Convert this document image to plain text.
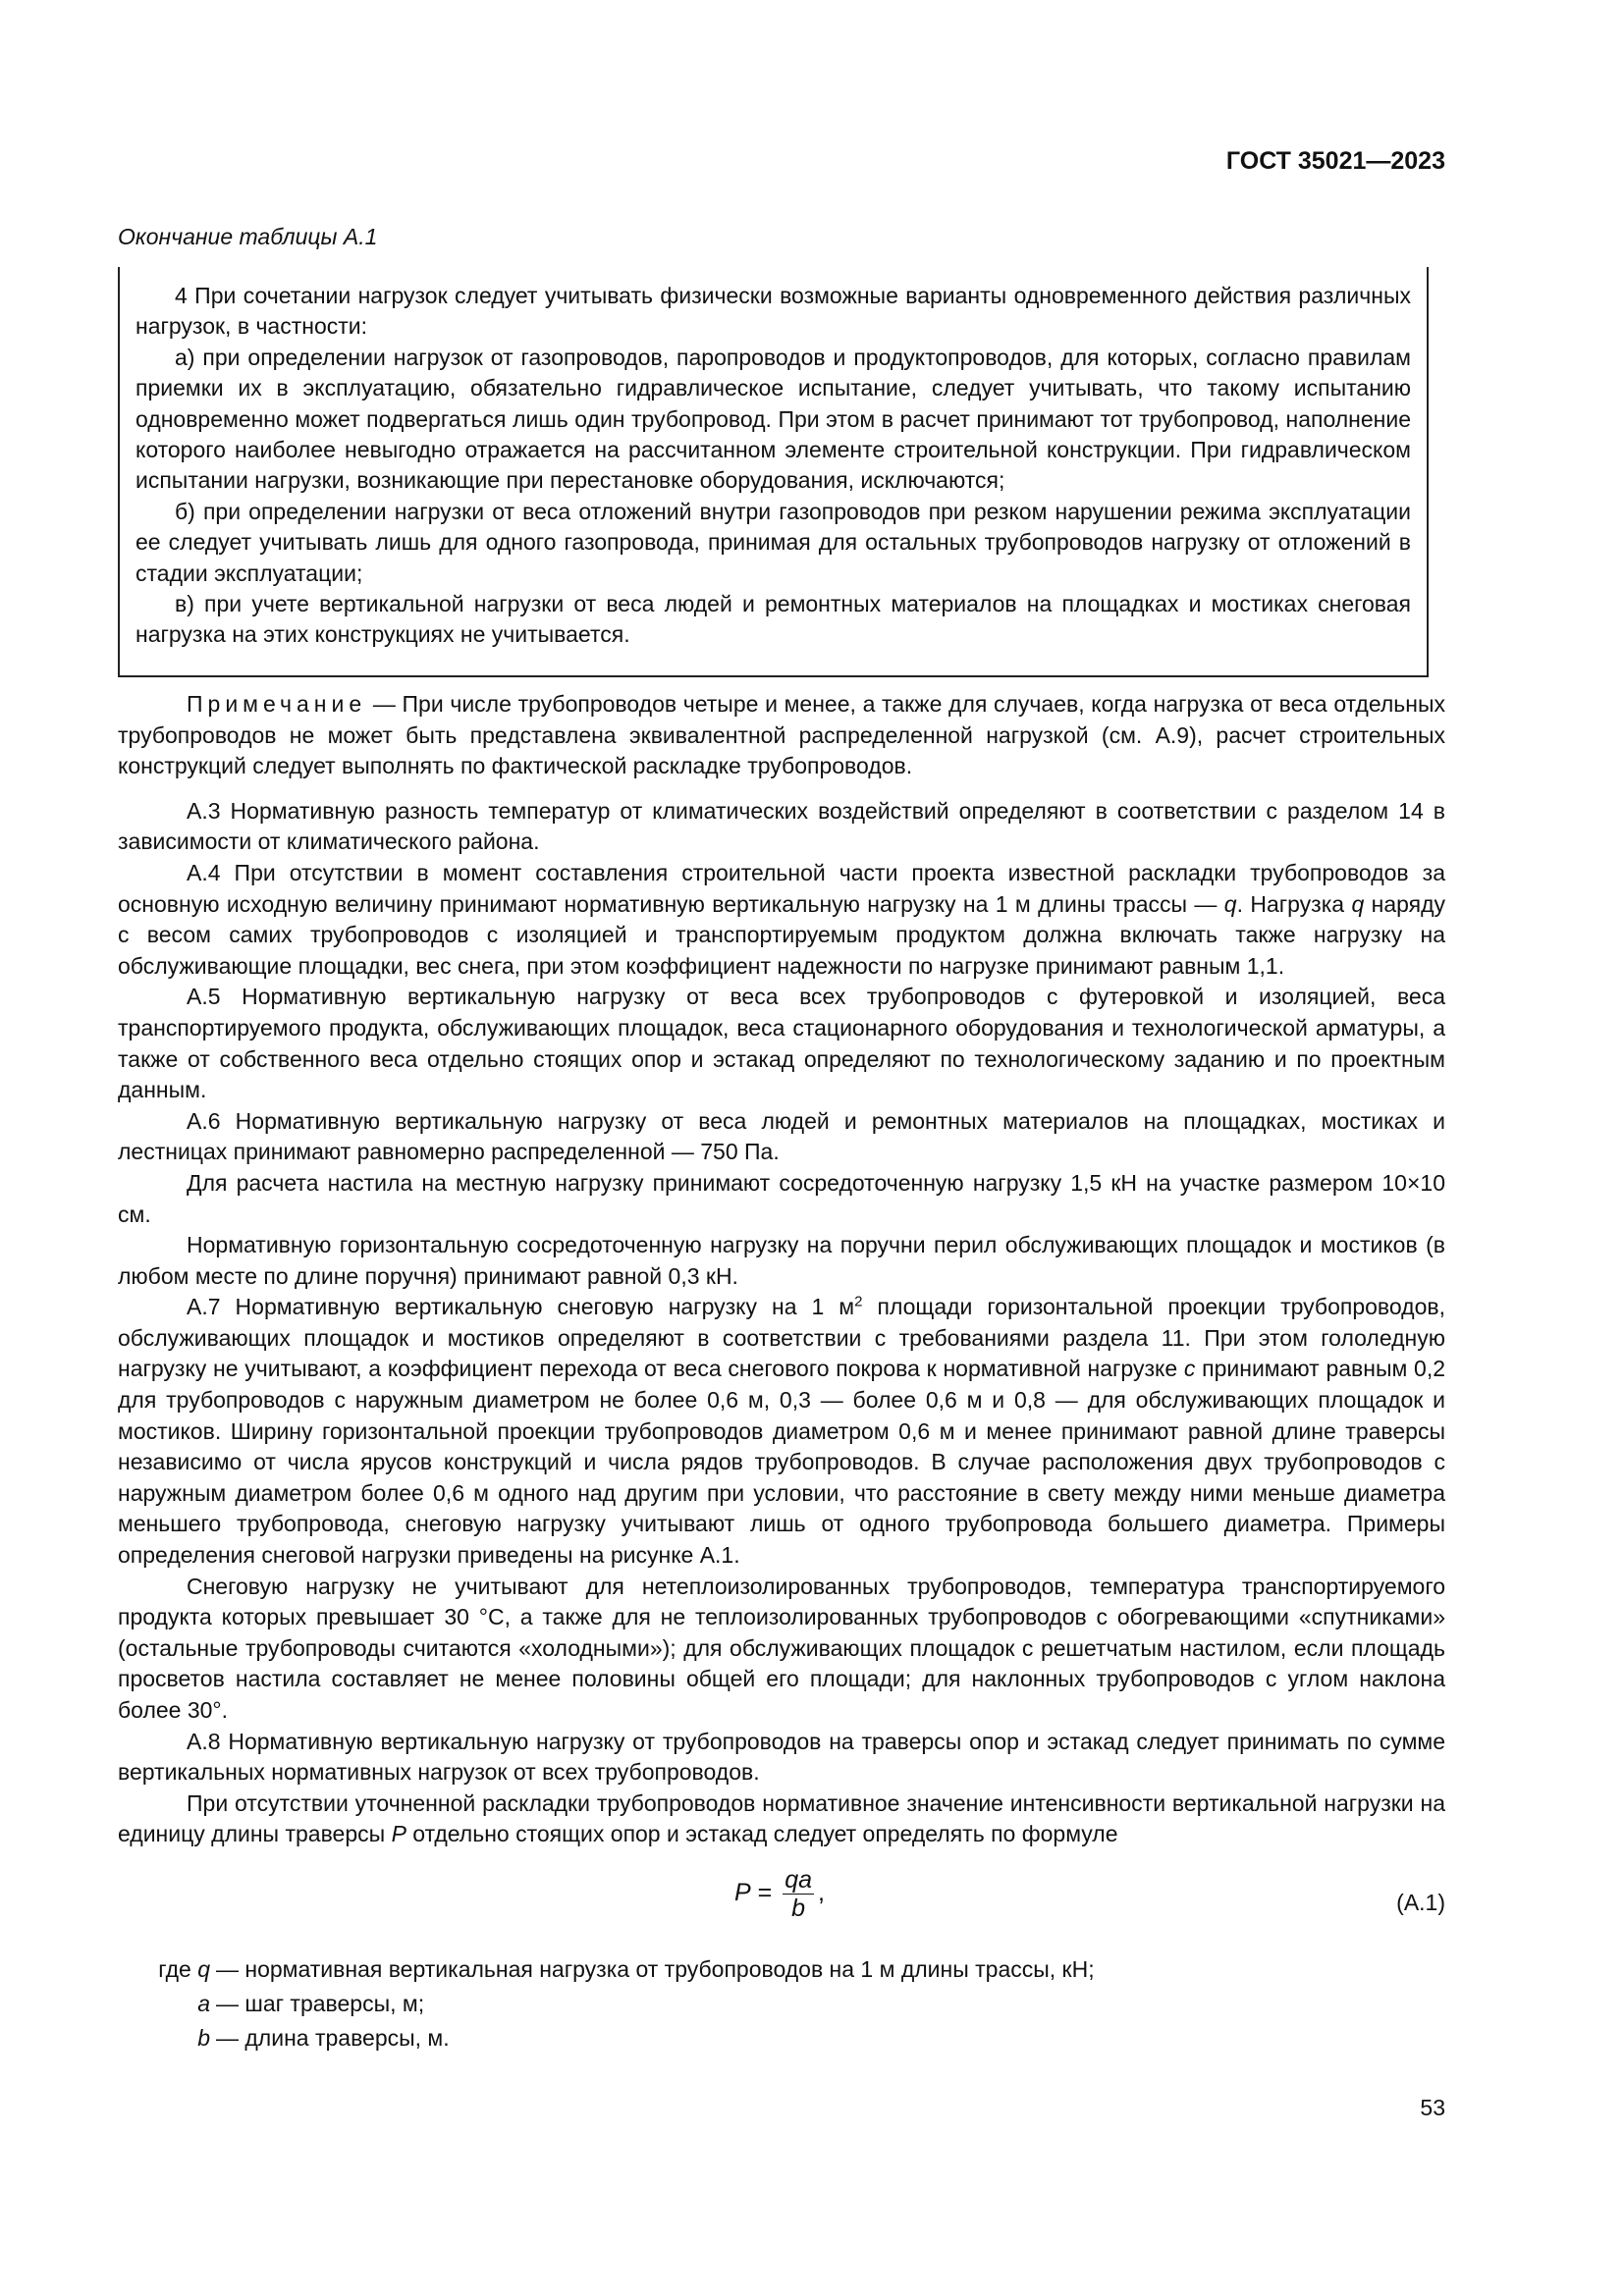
ГОСТ 35021—2023
Окончание таблицы А.1

4 При сочетании нагрузок следует учитывать физически возможные варианты одновременного действия различных нагрузок, в частности:

а) при определении нагрузок от газопроводов, паропроводов и продуктопроводов, для которых, согласно правилам приемки их в эксплуатацию, обязательно гидравлическое испытание, следует учитывать, что такому испытанию одновременно может подвергаться лишь один трубопровод. При этом в расчет принимают тот трубопровод, наполнение которого наиболее невыгодно отражается на рассчитанном элементе строительной конструкции. При гидравлическом испытании нагрузки, возникающие при перестановке оборудования, исключаются;

б) при определении нагрузки от веса отложений внутри газопроводов при резком нарушении режима эксплуатации ее следует учитывать лишь для одного газопровода, принимая для остальных трубопроводов нагрузку от отложений в стадии эксплуатации;

в) при учете вертикальной нагрузки от веса людей и ремонтных материалов на площадках и мостиках снеговая нагрузка на этих конструкциях не учитывается.

Примечание — При числе трубопроводов четыре и менее, а также для случаев, когда нагрузка от веса отдельных трубопроводов не может быть представлена эквивалентной распределенной нагрузкой (см. А.9), расчет строительных конструкций следует выполнять по фактической раскладке трубопроводов.

А.3 Нормативную разность температур от климатических воздействий определяют в соответствии с разделом 14 в зависимости от климатического района.

А.4 При отсутствии в момент составления строительной части проекта известной раскладки трубопроводов за основную исходную величину принимают нормативную вертикальную нагрузку на 1 м длины трассы — q. Нагрузка q наряду с весом самих трубопроводов с изоляцией и транспортируемым продуктом должна включать также нагрузку на обслуживающие площадки, вес снега, при этом коэффициент надежности по нагрузке принимают равным 1,1.

А.5 Нормативную вертикальную нагрузку от веса всех трубопроводов с футеровкой и изоляцией, веса транспортируемого продукта, обслуживающих площадок, веса стационарного оборудования и технологической арматуры, а также от собственного веса отдельно стоящих опор и эстакад определяют по технологическому заданию и по проектным данным.

А.6 Нормативную вертикальную нагрузку от веса людей и ремонтных материалов на площадках, мостиках и лестницах принимают равномерно распределенной — 750 Па.

Для расчета настила на местную нагрузку принимают сосредоточенную нагрузку 1,5 кН на участке размером 10×10 см.

Нормативную горизонтальную сосредоточенную нагрузку на поручни перил обслуживающих площадок и мостиков (в любом месте по длине поручня) принимают равной 0,3 кН.

А.7 Нормативную вертикальную снеговую нагрузку на 1 $м^2$ площади горизонтальной проекции трубопроводов, обслуживающих площадок и мостиков определяют в соответствии с требованиями раздела 11. При этом гололедную нагрузку не учитывают, а коэффициент перехода от веса снегового покрова к нормативной нагрузке c принимают равным 0,2 для трубопроводов с наружным диаметром не более 0,6 м, 0,3 — более 0,6 м и 0,8 — для обслуживающих площадок и мостиков. Ширину горизонтальной проекции трубопроводов диаметром 0,6 м и менее принимают равной длине траверсы независимо от числа ярусов конструкций и числа рядов трубопроводов. В случае расположения двух трубопроводов с наружным диаметром более 0,6 м одного над другим при условии, что расстояние в свету между ними меньше диаметра меньшего трубопровода, снеговую нагрузку учитывают лишь от одного трубопровода большего диаметра. Примеры определения снеговой нагрузки приведены на рисунке А.1.

Снеговую нагрузку не учитывают для нетеплоизолированных трубопроводов, температура транспортируемого продукта которых превышает 30 °С, а также для не теплоизолированных трубопроводов с обогревающими «спутниками» (остальные трубопроводы считаются «холодными»); для обслуживающих площадок с решетчатым настилом, если площадь просветов настила составляет не менее половины общей его площади; для наклонных трубопроводов с углом наклона более 30°.

А.8 Нормативную вертикальную нагрузку от трубопроводов на траверсы опор и эстакад следует принимать по сумме вертикальных нормативных нагрузок от всех трубопроводов.

При отсутствии уточненной раскладки трубопроводов нормативное значение интенсивности вертикальной нагрузки на единицу длины траверсы P отдельно стоящих опор и эстакад следует определять по формуле

$P = \frac{qa}{b}$ ,	(А.1)
где q — нормативная вертикальная нагрузка от трубопроводов на 1 м длины трассы, кН;
a — шаг траверсы, м;
b — длина траверсы, м.
53
